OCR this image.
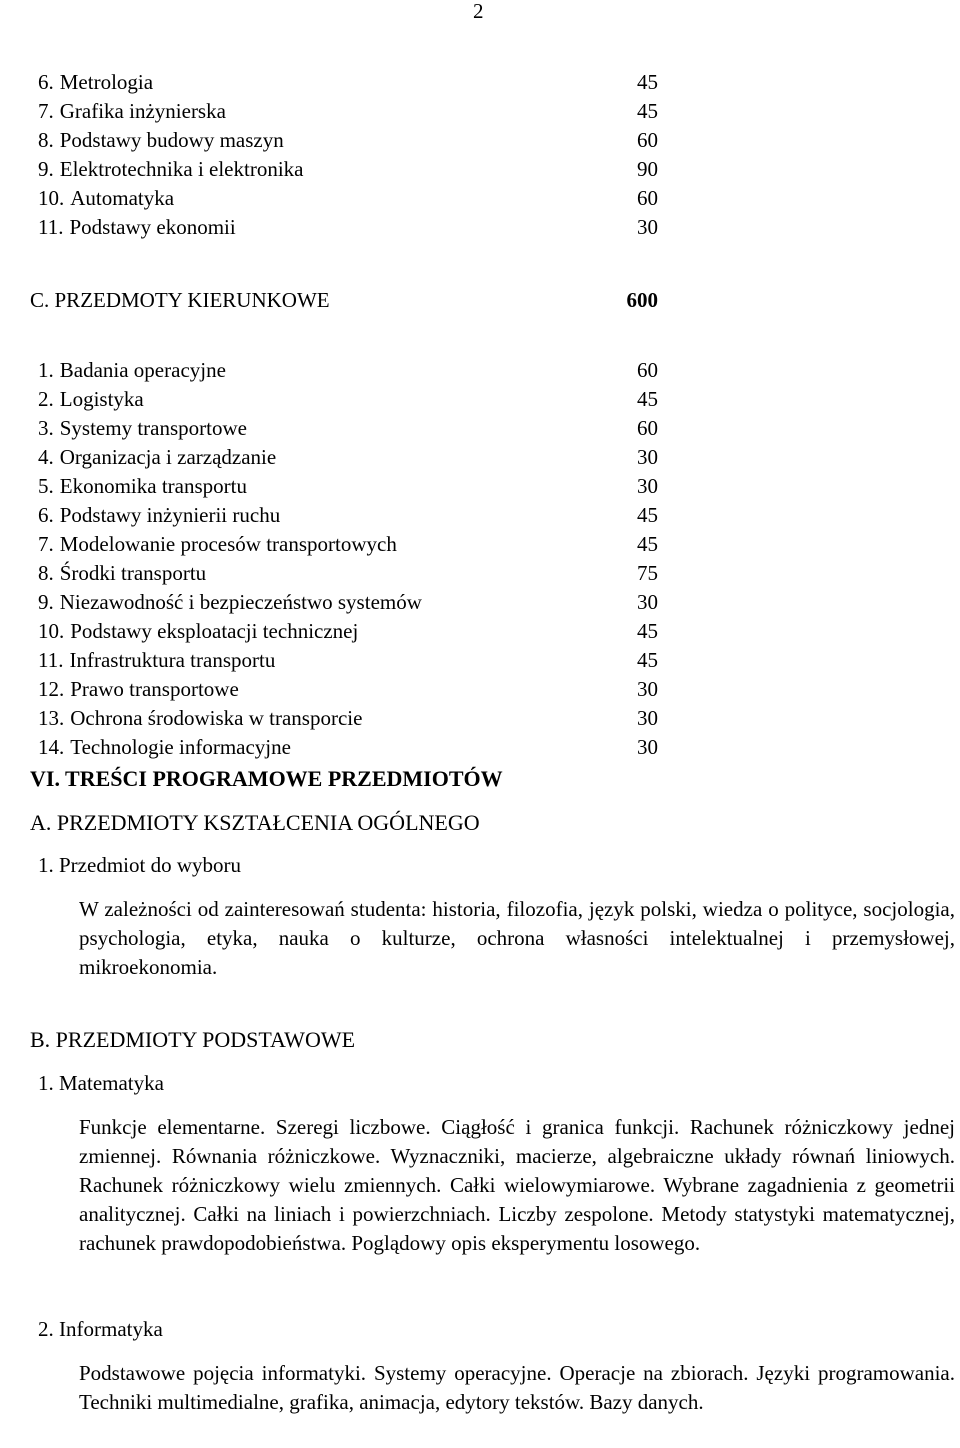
2
6. Metrologia	45
7. Grafika inżynierska	45
8. Podstawy budowy maszyn	60
9. Elektrotechnika i elektronika	90
10. Automatyka	60
11. Podstawy ekonomii	30
C. PRZEDMOTY KIERUNKOWE	600
1. Badania operacyjne	60
2. Logistyka	45
3. Systemy transportowe	60
4. Organizacja i zarządzanie	30
5. Ekonomika transportu	30
6. Podstawy inżynierii ruchu	45
7. Modelowanie procesów transportowych	45
8. Środki transportu	75
9. Niezawodność i bezpieczeństwo systemów	30
10. Podstawy eksploatacji technicznej	45
11. Infrastruktura transportu	45
12. Prawo transportowe	30
13. Ochrona środowiska w transporcie	30
14. Technologie informacyjne	30
VI. TREŚCI PROGRAMOWE PRZEDMIOTÓW
A. PRZEDMIOTY KSZTAŁCENIA OGÓLNEGO
1. Przedmiot do wyboru

W zależności od zainteresowań studenta: historia, filozofia, język polski, wiedza o polityce, socjologia, psychologia, etyka, nauka o kulturze, ochrona własności intelektualnej i przemysłowej, mikroekonomia.

B. PRZEDMIOTY PODSTAWOWE
1. Matematyka

Funkcje elementarne. Szeregi liczbowe. Ciągłość i granica funkcji. Rachunek różniczkowy jednej zmiennej. Równania różniczkowe. Wyznaczniki, macierze, algebraiczne układy równań liniowych. Rachunek różniczkowy wielu zmiennych. Całki wielowymiarowe. Wybrane zagadnienia z geometrii analitycznej. Całki na liniach i powierzchniach. Liczby zespolone. Metody statystyki matematycznej, rachunek prawdopodobieństwa. Poglądowy opis eksperymentu losowego.

2. Informatyka

Podstawowe pojęcia informatyki. Systemy operacyjne. Operacje na zbiorach. Języki programowania. Techniki multimedialne, grafika, animacja, edytory tekstów. Bazy danych.
